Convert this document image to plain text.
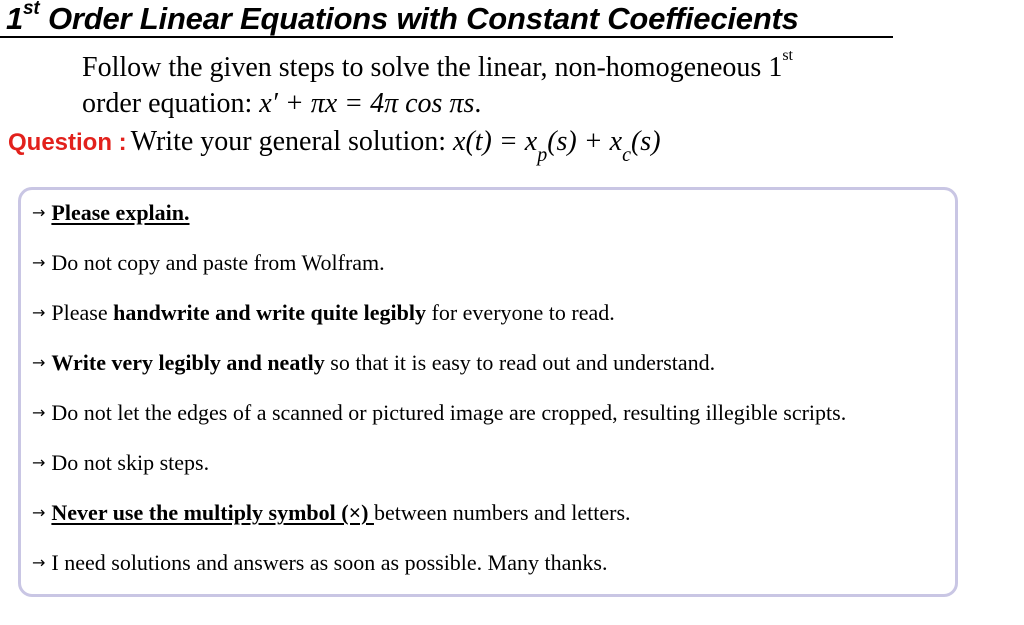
1st Order Linear Equations with Constant Coeffiecients
Follow the given steps to solve the linear, non-homogeneous 1st
order equation: x′ + πx = 4π cos πs.
Question : Write your general solution: $x(t) = x_p(s) + x_c(s)$
→ Please explain.
→ Do not copy and paste from Wolfram.
→ Please handwrite and write quite legibly for everyone to read.
→ Write very legibly and neatly so that it is easy to read out and understand.
→ Do not let the edges of a scanned or pictured image are cropped, resulting illegible scripts.
→ Do not skip steps.
→ Never use the multiply symbol (×) between numbers and letters.
→ I need solutions and answers as soon as possible. Many thanks.
